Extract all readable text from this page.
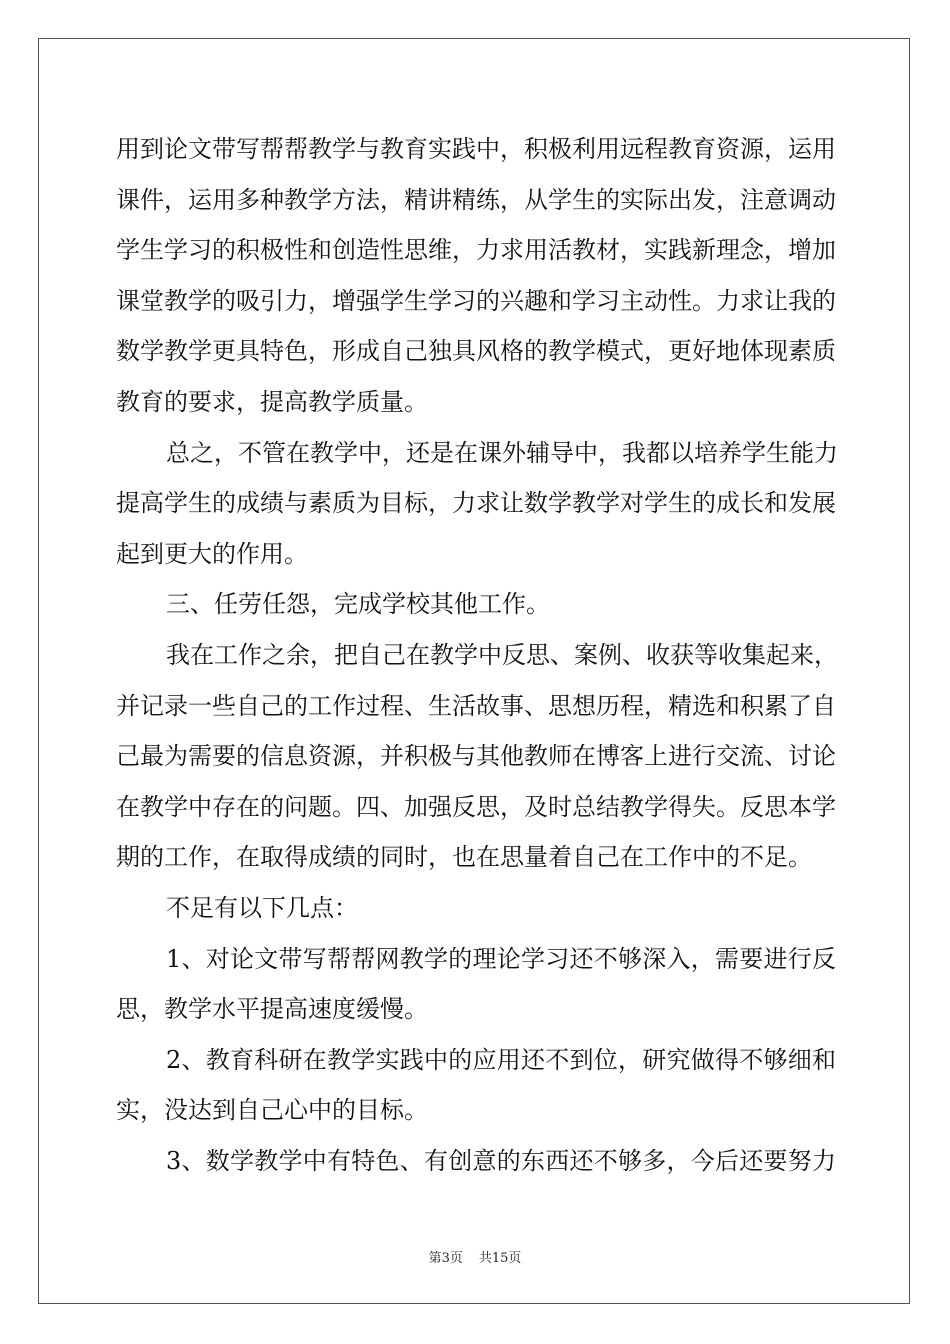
用到论文带写帮帮教学与教育实践中，积极利用远程教育资源，运用
课件，运用多种教学方法，精讲精练，从学生的实际出发，注意调动
学生学习的积极性和创造性思维，力求用活教材，实践新理念，增加
课堂教学的吸引力，增强学生学习的兴趣和学习主动性。力求让我的
数学教学更具特色，形成自己独具风格的教学模式，更好地体现素质
教育的要求，提高教学质量。
总之，不管在教学中，还是在课外辅导中，我都以培养学生能力
提高学生的成绩与素质为目标，力求让数学教学对学生的成长和发展
起到更大的作用。
三、任劳任怨，完成学校其他工作。
我在工作之余，把自己在教学中反思、案例、收获等收集起来，
并记录一些自己的工作过程、生活故事、思想历程，精选和积累了自
己最为需要的信息资源，并积极与其他教师在博客上进行交流、讨论
在教学中存在的问题。四、加强反思，及时总结教学得失。反思本学
期的工作，在取得成绩的同时，也在思量着自己在工作中的不足。
不足有以下几点：
1、对论文带写帮帮网教学的理论学习还不够深入，需要进行反
思，教学水平提高速度缓慢。
2、教育科研在教学实践中的应用还不到位，研究做得不够细和
实，没达到自己心中的目标。
3、数学教学中有特色、有创意的东西还不够多，今后还要努力
第3页 共15页
